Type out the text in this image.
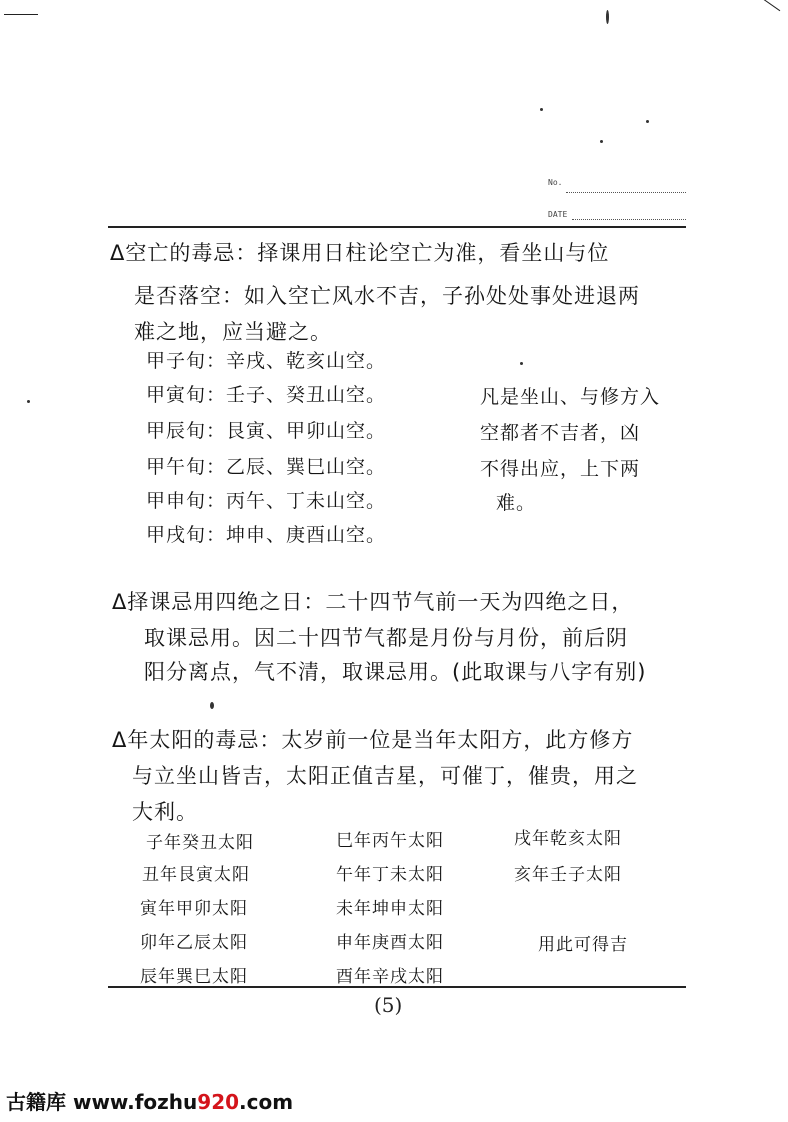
No.
DATE
Δ空亡的毒忌：择课用日柱论空亡为准，看坐山与位
是否落空：如入空亡风水不吉，子孙处处事处进退两
难之地，应当避之。
甲子旬：辛戌、乾亥山空。
甲寅旬：壬子、癸丑山空。
甲辰旬：艮寅、甲卯山空。
甲午旬：乙辰、巽巳山空。
甲申旬：丙午、丁未山空。
甲戌旬：坤申、庚酉山空。
凡是坐山、与修方入
空都者不吉者，凶
不得出应，上下两
难。
Δ择课忌用四绝之日：二十四节气前一天为四绝之日，
取课忌用。因二十四节气都是月份与月份，前后阴
阳分离点，气不清，取课忌用。(此取课与八字有别)
Δ年太阳的毒忌：太岁前一位是当年太阳方，此方修方
与立坐山皆吉，太阳正值吉星，可催丁，催贵，用之
大利。
子年癸丑太阳
丑年艮寅太阳
寅年甲卯太阳
卯年乙辰太阳
辰年巽巳太阳
巳年丙午太阳
午年丁未太阳
未年坤申太阳
申年庚酉太阳
酉年辛戌太阳
戌年乾亥太阳
亥年壬子太阳
用此可得吉
(5)
古籍库 www.fozhu920.com
